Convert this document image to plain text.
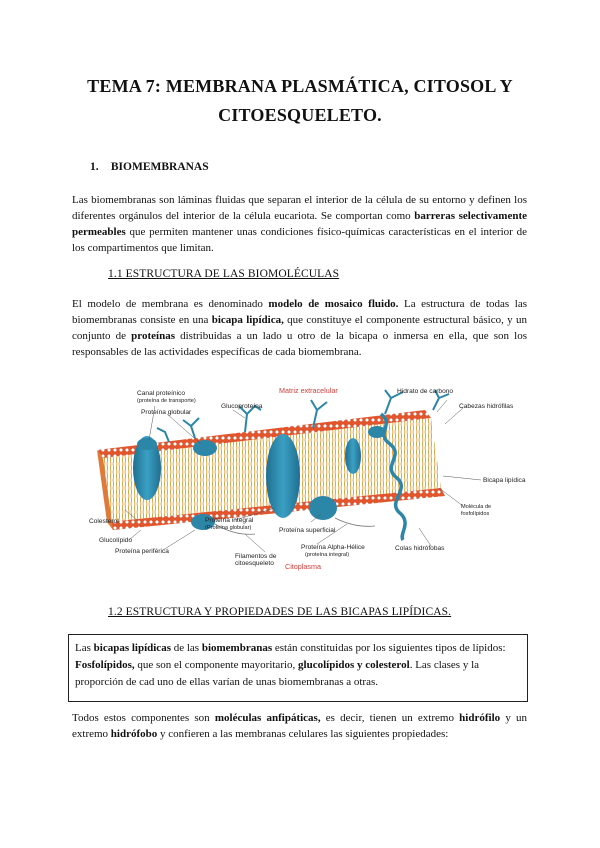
TEMA 7: MEMBRANA PLASMÁTICA, CITOSOL Y CITOESQUELETO.
1. BIOMEMBRANAS
Las biomembranas son láminas fluidas que separan el interior de la célula de su entorno y definen los diferentes orgánulos del interior de la célula eucariota. Se comportan como barreras selectivamente permeables que permiten mantener unas condiciones físico-químicas características en el interior de los compartimentos que limitan.
1.1 ESTRUCTURA DE LAS BIOMOLÉCULAS
El modelo de membrana es denominado modelo de mosaico fluido. La estructura de todas las biomembranas consiste en una bicapa lipídica, que constituye el componente estructural básico, y un conjunto de proteínas distribuidas a un lado u otro de la bicapa o inmersa en ella, que son los responsables de las actividades específicas de cada biomembrana.
Canal proteínico
(proteína de transporte)
Proteína globular
Glucoproteína
Matriz extracelular	Hidrato de carbono
Cabezas hidrófilas
Bicapa lipídica
Molécula de
fosfolípidos
Colesterol
Glucolípido
Proteína periférica
Proteína integral
(Proteína globular)	Proteína superficial
Proteína Alpha-Hélice
(proteína integral)
Filamentos de
citoesqueleto
Colas hidrófobas
Citoplasma
1.2 ESTRUCTURA Y PROPIEDADES DE LAS BICAPAS LIPÍDICAS.
Las bicapas lipídicas de las biomembranas están constituidas por los siguientes tipos de lípidos: Fosfolípidos, que son el componente mayoritario, glucolípidos y colesterol. Las clases y la proporción de cad uno de ellas varían de unas biomembranas a otras.
Todos estos componentes son moléculas anfipáticas, es decir, tienen un extremo hidrófilo y un extremo hidrófobo y confieren a las membranas celulares las siguientes propiedades:
